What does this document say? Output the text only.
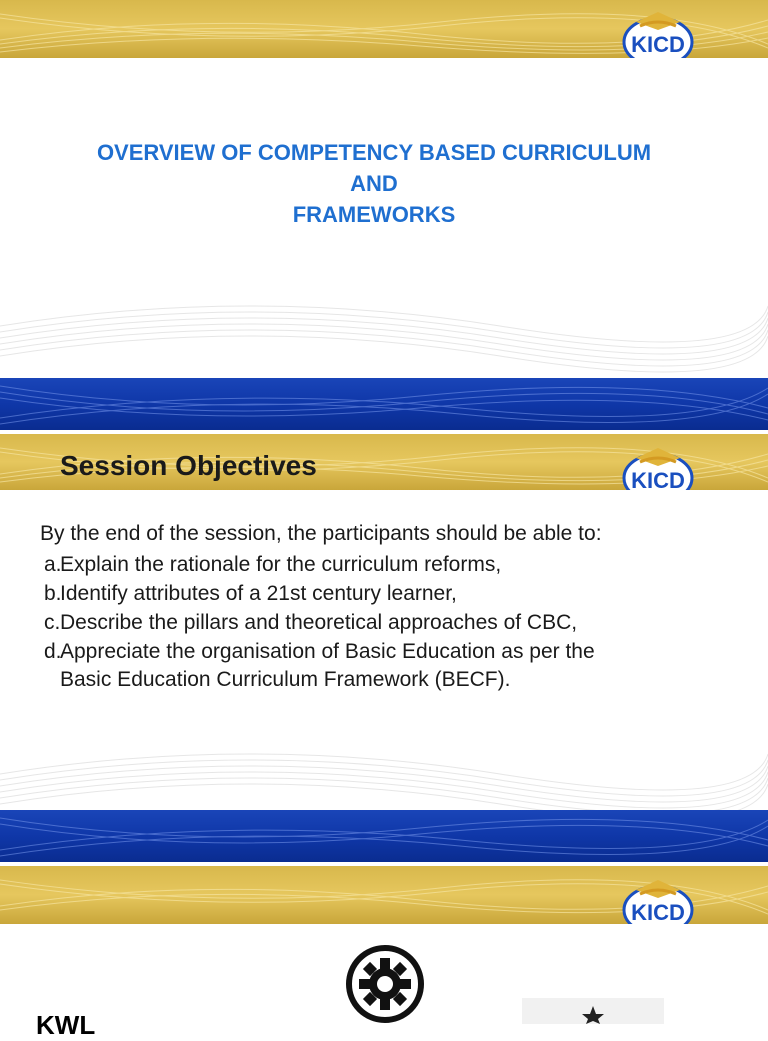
KICD
OVERVIEW OF COMPETENCY BASED CURRICULUM
AND
FRAMEWORKS
KICD
Session Objectives
By the end of the session, the participants should be able to:
a.Explain the rationale for the curriculum reforms,
b.Identify attributes of a 21st century learner,
c.Describe the pillars and theoretical approaches of CBC,
d.Appreciate the organisation of Basic Education as per the
Basic Education Curriculum Framework (BECF).
KICD
KWL
